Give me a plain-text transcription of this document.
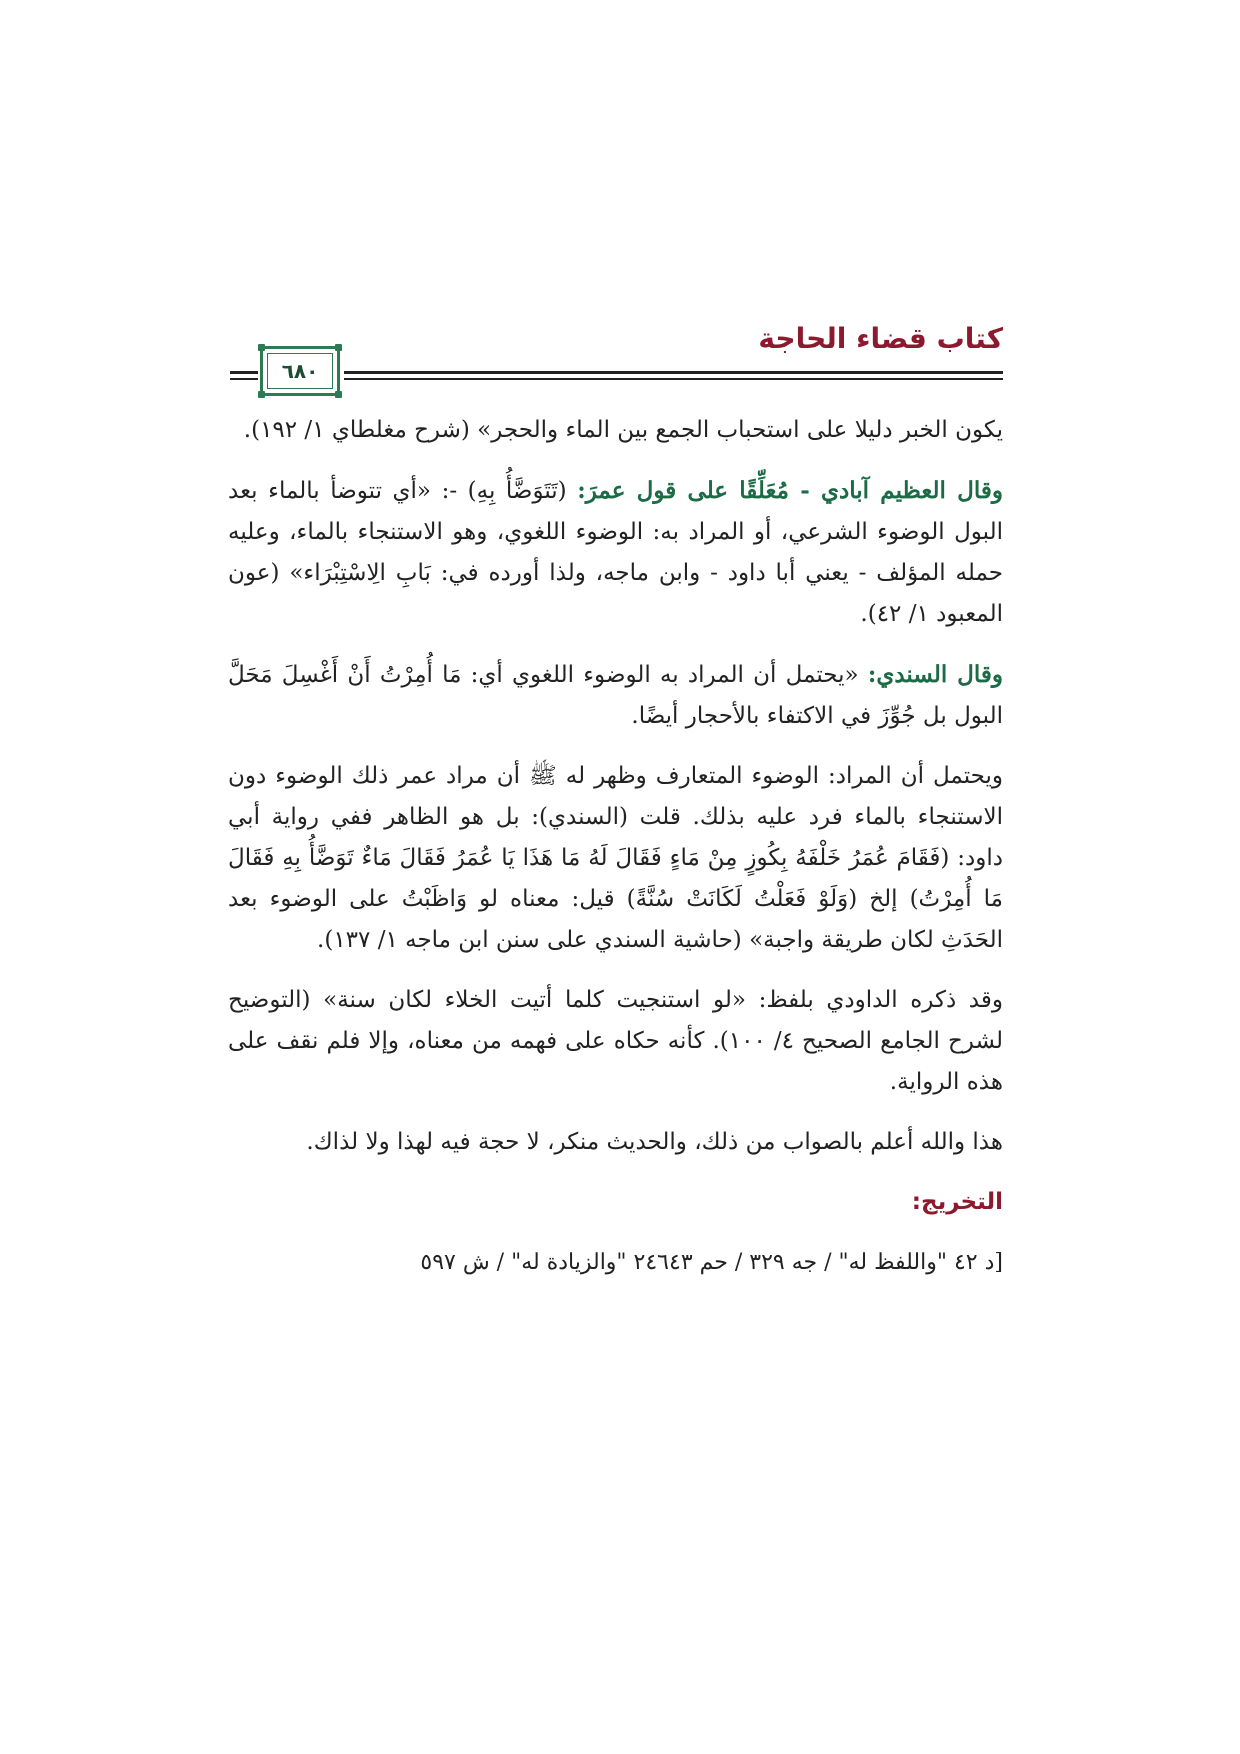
كتاب قضاء الحاجة
٦٨٠

يكون الخبر دليلا على استحباب الجمع بين الماء والحجر» (شرح مغلطاي ١/ ١٩٢).

وقال العظيم آبادي - مُعَلِّقًا على قول عمرَ: (تَتَوَضَّأُ بِهِ) -: «أي تتوضأ بالماء بعد البول الوضوء الشرعي، أو المراد به: الوضوء اللغوي، وهو الاستنجاء بالماء، وعليه حمله المؤلف - يعني أبا داود - وابن ماجه، ولذا أورده في: بَابِ الِاسْتِبْرَاء» (عون المعبود ١/ ٤٢).

وقال السندي: «يحتمل أن المراد به الوضوء اللغوي أي: مَا أُمِرْتُ أَنْ أَغْسِلَ مَحَلَّ البول بل جُوِّزَ في الاكتفاء بالأحجار أيضًا.

ويحتمل أن المراد: الوضوء المتعارف وظهر له ﷺ أن مراد عمر ذلك الوضوء دون الاستنجاء بالماء فرد عليه بذلك. قلت (السندي): بل هو الظاهر ففي رواية أبي داود: (فَقَامَ عُمَرُ خَلْفَهُ بِكُوزٍ مِنْ مَاءٍ فَقَالَ لَهُ مَا هَذَا يَا عُمَرُ فَقَالَ مَاءٌ تَوَضَّأُ بِهِ فَقَالَ مَا أُمِرْتُ) إلخ (وَلَوْ فَعَلْتُ لَكَانَتْ سُنَّةً) قيل: معناه لو وَاظَبْتُ على الوضوء بعد الحَدَثِ لكان طريقة واجبة» (حاشية السندي على سنن ابن ماجه ١/ ١٣٧).

وقد ذكره الداودي بلفظ: «لو استنجيت كلما أتيت الخلاء لكان سنة» (التوضيح لشرح الجامع الصحيح ٤/ ١٠٠). كأنه حكاه على فهمه من معناه، وإلا فلم نقف على هذه الرواية.

هذا والله أعلم بالصواب من ذلك، والحديث منكر، لا حجة فيه لهذا ولا لذاك.

التخريج:

[د ٤٢ "واللفظ له" / جه ٣٢٩ / حم ٢٤٦٤٣ "والزيادة له" / ش ٥٩٧
